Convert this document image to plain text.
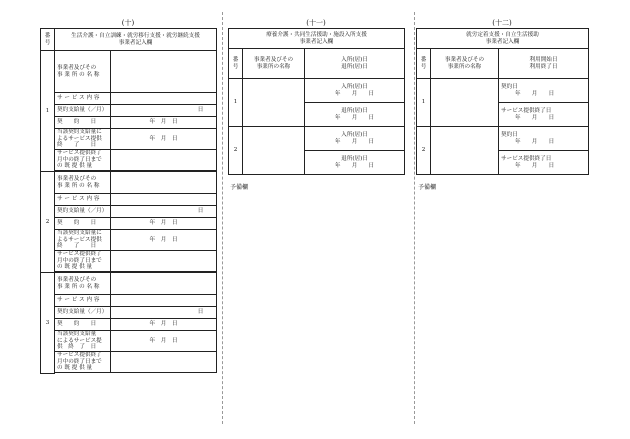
(十)
番
号	生活介護・自立訓練・就労移行支援・就労継続支援
事業者記入欄	

1	事業者及びその
事 業 所 の 名 称	

	サ ー ビ ス 内 容	
	契約支給量（／月）	日
	契　　約　　日	年　月　日

	当該契約支給量に
よるサービス提供
終　　了　　日	年　月　日

	サービス提供終了
月中の終了日まで
の 既 提 供 量	

2	事業者及びその
事 業 所 の 名 称	

	サ ー ビ ス 内 容	
	契約支給量（／月）	日
	契　　約　　日	年　月　日

	当該契約支給量に
よるサービス提供
終　　了　　日	年　月　日

	サービス提供終了
月中の終了日まで
の 既 提 供 量	

3	事業者及びその
事 業 所 の 名 称	

	サ ー ビ ス 内 容	
	契約支給量（／月）	日
	契　　約　　日	年　月　日

	当該契約支給量
によるサービス提
供　終　了　日	年　月　日

	サービス提供終了
月中の終了日まで
の 既 提 供 量	

(十一)
療養介護・共同生活援助・施設入所支援
事業者記入欄		

番
号	事業者及びその
事業所の名称	入所(居)日
退所(居)日

1		入所(居)日
年　　月　　日

		退所(居)日
年　　月　　日

2		入所(居)日
年　　月　　日

		退所(居)日
年　　月　　日
予備欄
(十二)
就労定着支援・自立生活援助
事業者記入欄		

番
号	事業者及びその
事業所の名称	利用開始日
利用終了日

1		契約日
年　　月　　日

		サービス提供終了日
年　　月　　日

2		契約日
年　　月　　日

		サービス提供終了日
年　　月　　日
予備欄
